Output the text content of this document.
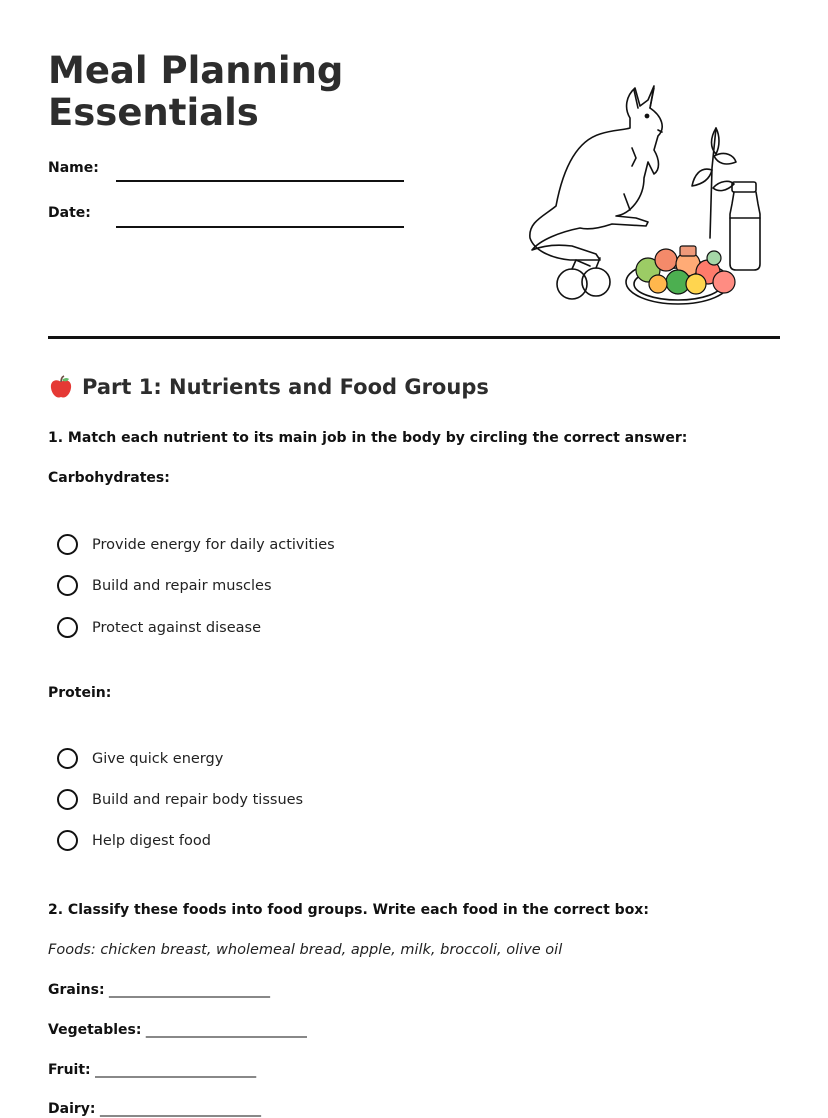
Meal Planning
Essentials
Name:
Date:
Part 1: Nutrients and Food Groups
1. Match each nutrient to its main job in the body by circling the correct answer:
Carbohydrates:
Provide energy for daily activities
Build and repair muscles
Protect against disease
Protein:
Give quick energy
Build and repair body tissues
Help digest food
2. Classify these foods into food groups. Write each food in the correct box:
Foods: chicken breast, wholemeal bread, apple, milk, broccoli, olive oil
Grains: _______________________
Vegetables: _______________________
Fruit: _______________________
Dairy: _______________________
